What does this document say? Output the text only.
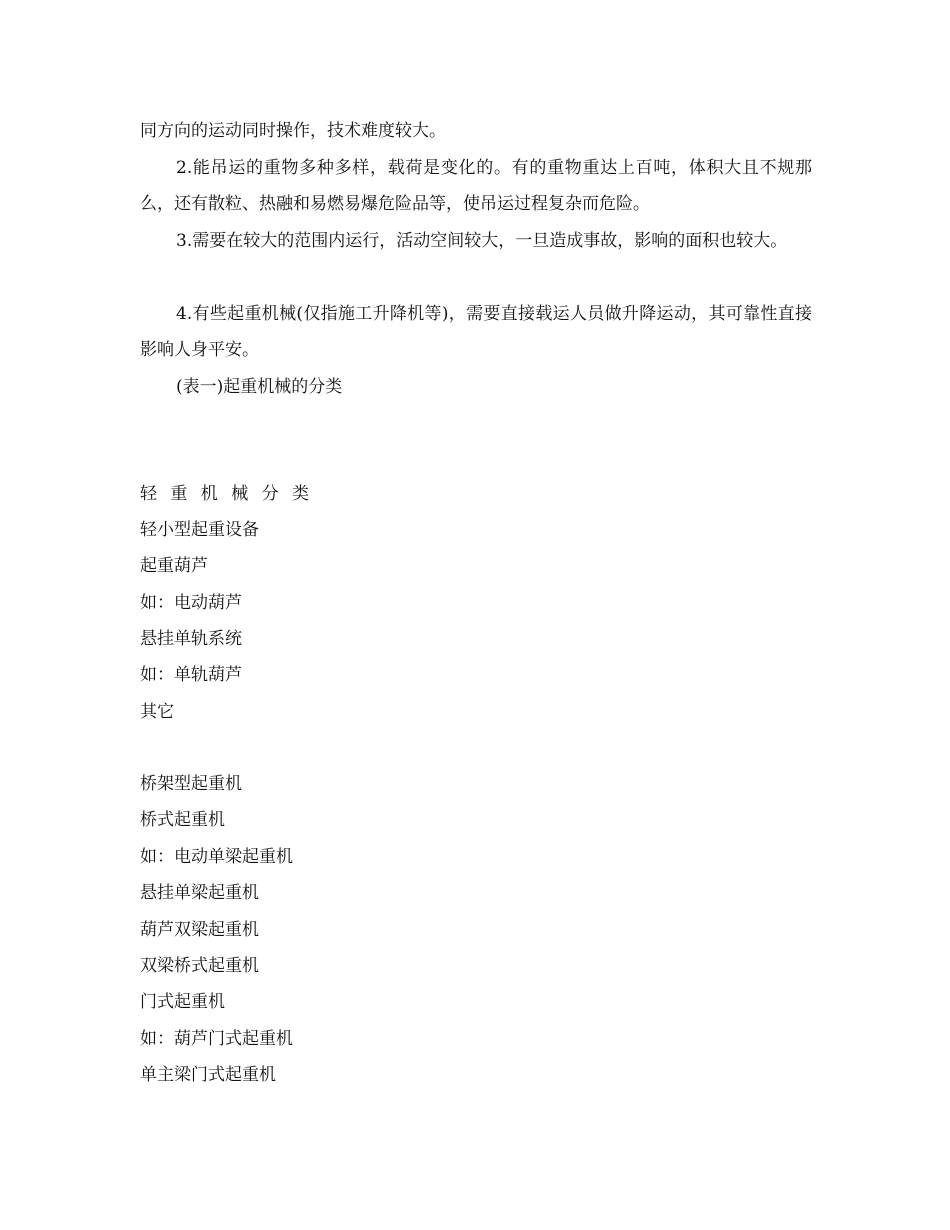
同方向的运动同时操作，技术难度较大。

2.能吊运的重物多种多样，载荷是变化的。有的重物重达上百吨，体积大且不规那么，还有散粒、热融和易燃易爆危险品等，使吊运过程复杂而危险。

3.需要在较大的范围内运行，活动空间较大，一旦造成事故，影响的面积也较大。

4.有些起重机械(仅指施工升降机等)，需要直接载运人员做升降运动，其可靠性直接影响人身平安。

(表一)起重机械的分类

轻 重 机 械 分 类
轻小型起重设备
起重葫芦
如：电动葫芦
悬挂单轨系统
如：单轨葫芦
其它
桥架型起重机
桥式起重机
如：电动单梁起重机
悬挂单梁起重机
葫芦双梁起重机
双梁桥式起重机
门式起重机
如：葫芦门式起重机
单主梁门式起重机
